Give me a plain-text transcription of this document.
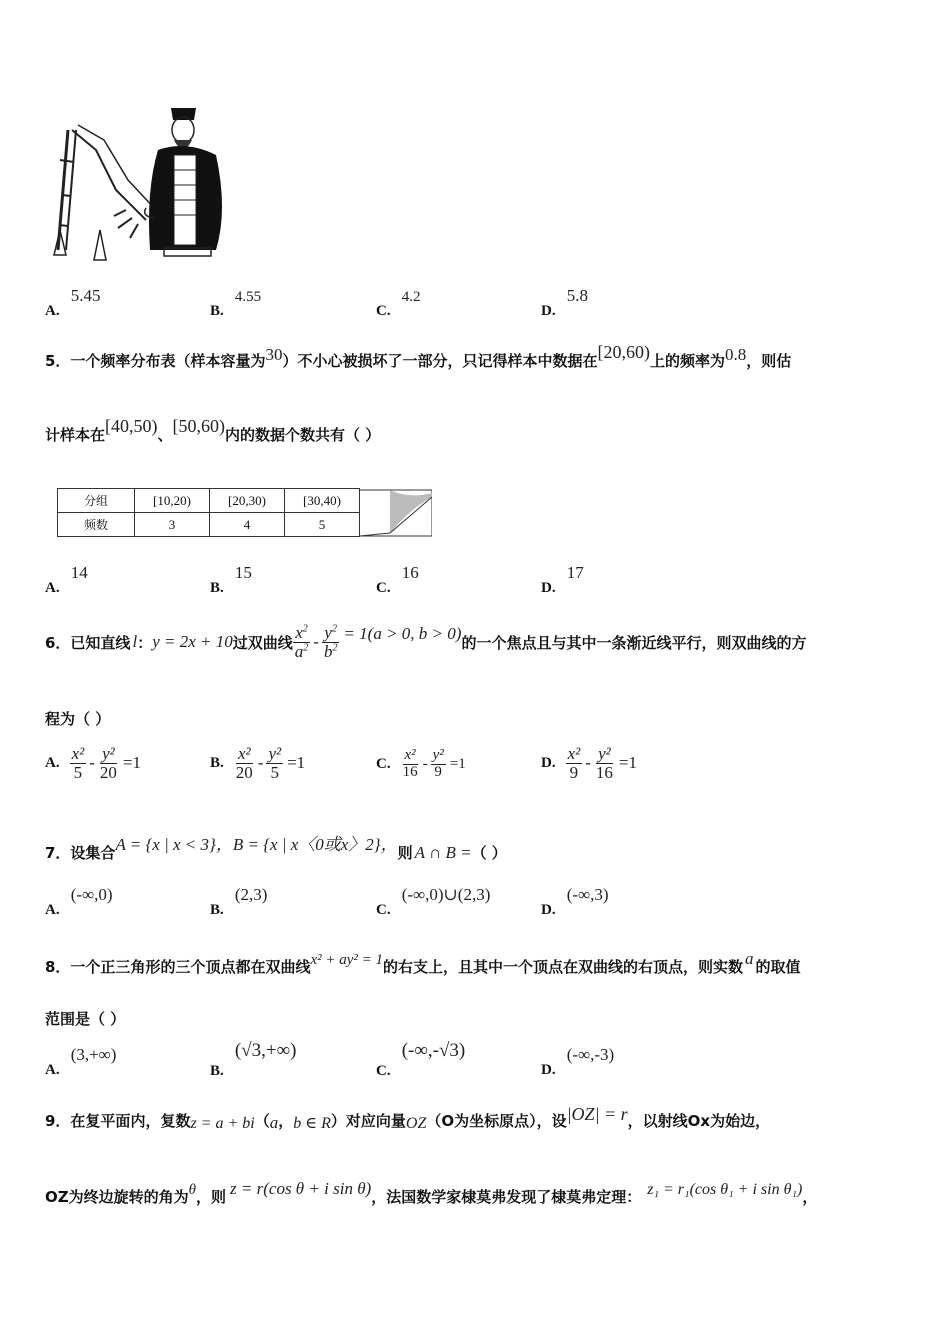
A. 5.45
B. 4.55
C. 4.2
D. 5.8
5．一个频率分布表（样本容量为30）不小心被损坏了一部分，只记得样本中数据在[20,60)上的频率为0.8，则估
计样本在[40,50)、[50,60)内的数据个数共有（ ）
分组	[10,20)	[20,30)	[30,40)	

频数	3	4	5	
A. 14
B. 15
C. 16
D. 17
6．已知直线 l ： y = 2x + 10 过双曲线 $\frac{x^2}{a^2} - \frac{y^2}{b^2} = 1(a > 0$, b > 0) 的一个焦点且与其中一条渐近线平行，则双曲线的方
程为（ ）
A. $\frac{\text{x²}}{5} - \frac{\text{y²}}{20} =1$	B. $\frac{\text{x²}}{20} - \frac{\text{y²}}{5} =1$	C. $\frac{\text{x²}}{16} - \frac{\text{y²}}{9} =1$	D. $\frac{\text{x²}}{9} - \frac{\text{y²}}{16} =1$
7．设集合A = {x | x < 3}，B = {x | x〈0或x〉2}，则 A ∩ B =（ ）
A. (-∞,0)
B. (2,3)
C. (-∞,0)∪(2,3)
D. (-∞,3)
8．一个正三角形的三个顶点都在双曲线x² + ay² = 1的右支上，且其中一个顶点在双曲线的右顶点，则实数 a 的取值
范围是（ ）
A. (3,+∞)
B. (√3,+∞)
C. (-∞,-√3)
D. (-∞,-3)
9．在复平面内，复数z = a + bi（a，b ∈ R）对应向量OZ（O为坐标原点），设|OZ| = r，以射线Ox为始边，
OZ为终边旋转的角为θ，则 z = r(cos θ + i sin θ)，法国数学家棣莫弗发现了棣莫弗定理： z₁ = r₁(cos θ₁ + i sin θ₁)，
